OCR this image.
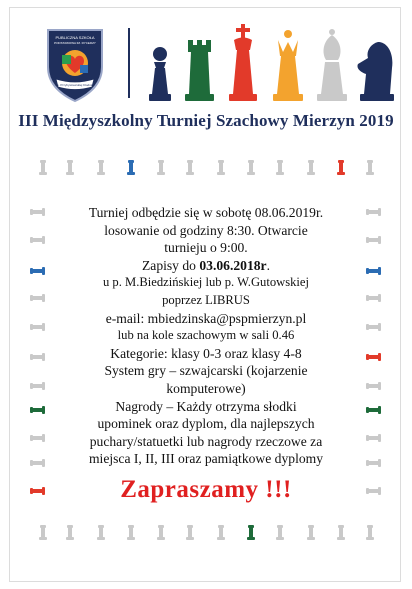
PUBLICZNA SZKOŁA
PODSTAWOWA IM. RYCERZY
im. Przybyszewskiej Kłodnicy
III Międzyszkolny Turniej Szachowy Mierzyn 2019

Turniej odbędzie się w sobotę 08.06.2019r.

losowanie od godziny 8:30. Otwarcie

turnieju o 9:00.

Zapisy do 03.06.2018r.

u p. M.Biedzińskiej lub p. W.Gutowskiej

poprzez LIBRUS

e-mail: mbiedzinska@pspmierzyn.pl

lub na kole szachowym w sali 0.46

Kategorie: klasy 0-3 oraz klasy 4-8

System gry – szwajcarski (kojarzenie

komputerowe)

Nagrody – Każdy otrzyma słodki

upominek oraz dyplom, dla najlepszych

puchary/statuetki lub nagrody rzeczowe za

miejsca I, II, III oraz pamiątkowe dyplomy

Zapraszamy !!!
